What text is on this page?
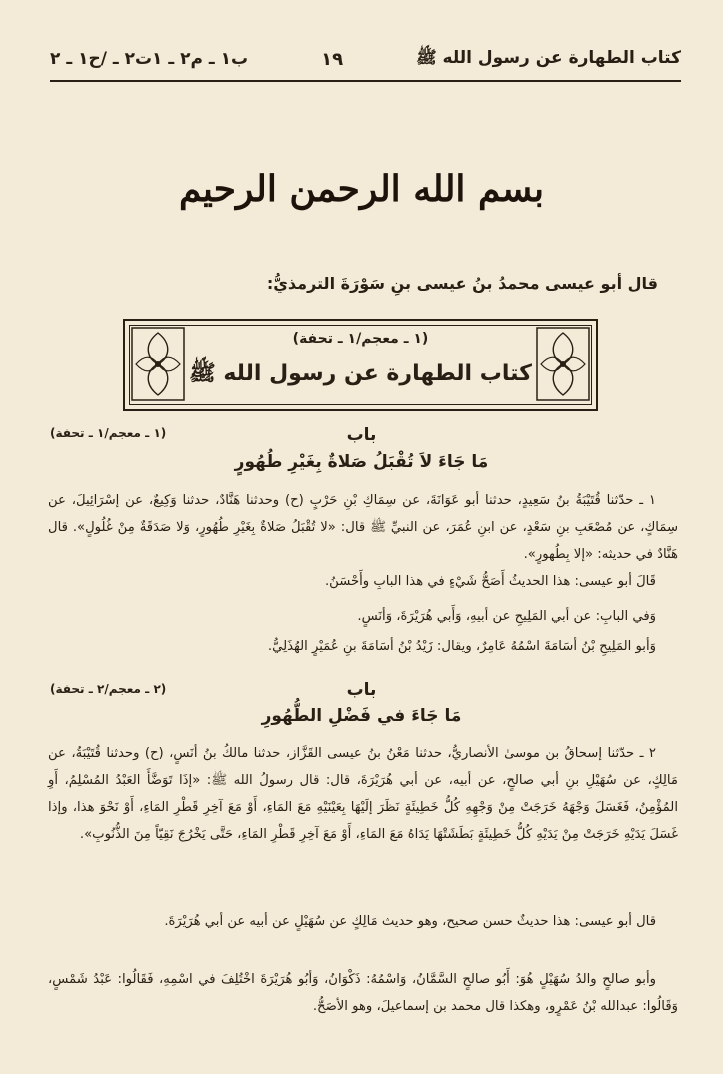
كتاب الطهارة عن رسول الله ﷺ
١٩
ب١ ـ م٢ ـ ١ت٢ ـ /ح١ ـ ٢
بسم الله الرحمن الرحيم
قال أبو عيسى محمدُ بنُ عيسى بنِ سَوْرَةَ الترمذيُّ:
(١ ـ معجم/١ ـ تحفة)
كتاب الطهارة عن رسول الله ﷺ
(١ ـ معجم/١ ـ تحفة)	باب
مَا جَاءَ لاَ تُقْبَلُ صَلاةٌ بِغَيْرِ طُهُورٍ
١ ـ حدّثنا قُتَيْبَةُ بنُ سَعِيدٍ، حدثنا أبو عَوَانَةَ، عن سِمَاكِ بْنِ حَرْبٍ (ح) وحدثنا هَنَّادٌ، حدثنا وَكِيعٌ، عن إسْرَائِيلَ، عن سِمَاكٍ، عن مُصْعَبِ بنِ سَعْدٍ، عن ابنِ عُمَرَ، عن النبيِّ ﷺ قال: «لا تُقْبَلُ صَلاةٌ بِغَيْرِ طُهُورٍ، وَلا صَدَقَةٌ مِنْ غُلُولٍ». قال هَنَّادٌ في حديثه: «إلا بِطُهورٍ».
قَالَ أبو عيسى: هذا الحديثُ أَصَحُّ شَيْءٍ في هذا البابِ وأَحْسَنُ.
وَفي البابِ: عن أبي المَلِيحِ عن أبيهِ، وَأَبي هُرَيْرَةَ، وَأنَسٍ.
وَأبو المَلِيحِ بْنُ أسَامَةَ اسْمُهُ عَامِرٌ، ويقال: زَيْدُ بْنُ أسَامَةَ بنِ عُمَيْرٍ الهُذَلِيُّ.
(٢ ـ معجم/٢ ـ تحفة)	باب
مَا جَاءَ في فَضْلِ الطُّهُورِ
٢ ـ حدّثنا إسحاقُ بن موسىٰ الأنصاريُّ، حدثنا مَعْنُ بنُ عيسى القَزَّاز، حدثنا مالكُ بنُ أنَسٍ، (ح) وحدثنا قُتَيْبَةُ، عن مَالِكٍ، عن سُهَيْلِ بنِ أبي صالحٍ، عن أبيه، عن أبي هُرَيْرَةَ، قال: قال رسولُ الله ﷺ: «إذَا تَوَضَّأَ العَبْدُ المُسْلِمُ، أَوِ المُؤْمِنُ، فَغَسَلَ وَجْهَهُ خَرَجَتْ مِنْ وَجْهِهِ كُلُّ خَطِيئَةٍ نَظَرَ إلَيْهَا بِعَيْنَيْهِ مَعَ المَاءِ، أَوْ مَعَ آخِرِ قَطْرِ المَاءِ، أَوْ نَحْوَ هذا، وإذا غَسَلَ يَدَيْهِ خَرَجَتْ مِنْ يَدَيْهِ كُلُّ خَطِيئَةٍ بَطَشَتْهَا يَدَاهُ مَعَ المَاءِ، أَوْ مَعَ آخِرِ قَطْرِ المَاءِ، حَتَّى يَخْرُجَ نَقِيّاً مِنَ الذُّنُوبِ».
قال أبو عيسى: هذا حديثٌ حسن صحيح، وهو حديث مَالِكٍ عن سُهَيْلٍ عن أبيه عن أبي هُرَيْرَةَ.
وأبو صالحٍ والدُ سُهَيْلٍ هُوَ: أَبُو صالحٍ السَّمَّانُ، وَاسْمُهُ: ذَكْوَانُ، وَأبُو هُرَيْرَةَ اخْتُلِفَ في اسْمِهِ، فَقَالُوا: عَبْدُ شَمْسٍ، وَقَالُوا: عبدالله بْنُ عَمْرٍو، وهكذا قال محمد بن إسماعيلَ، وهو الأصَحُّ.
